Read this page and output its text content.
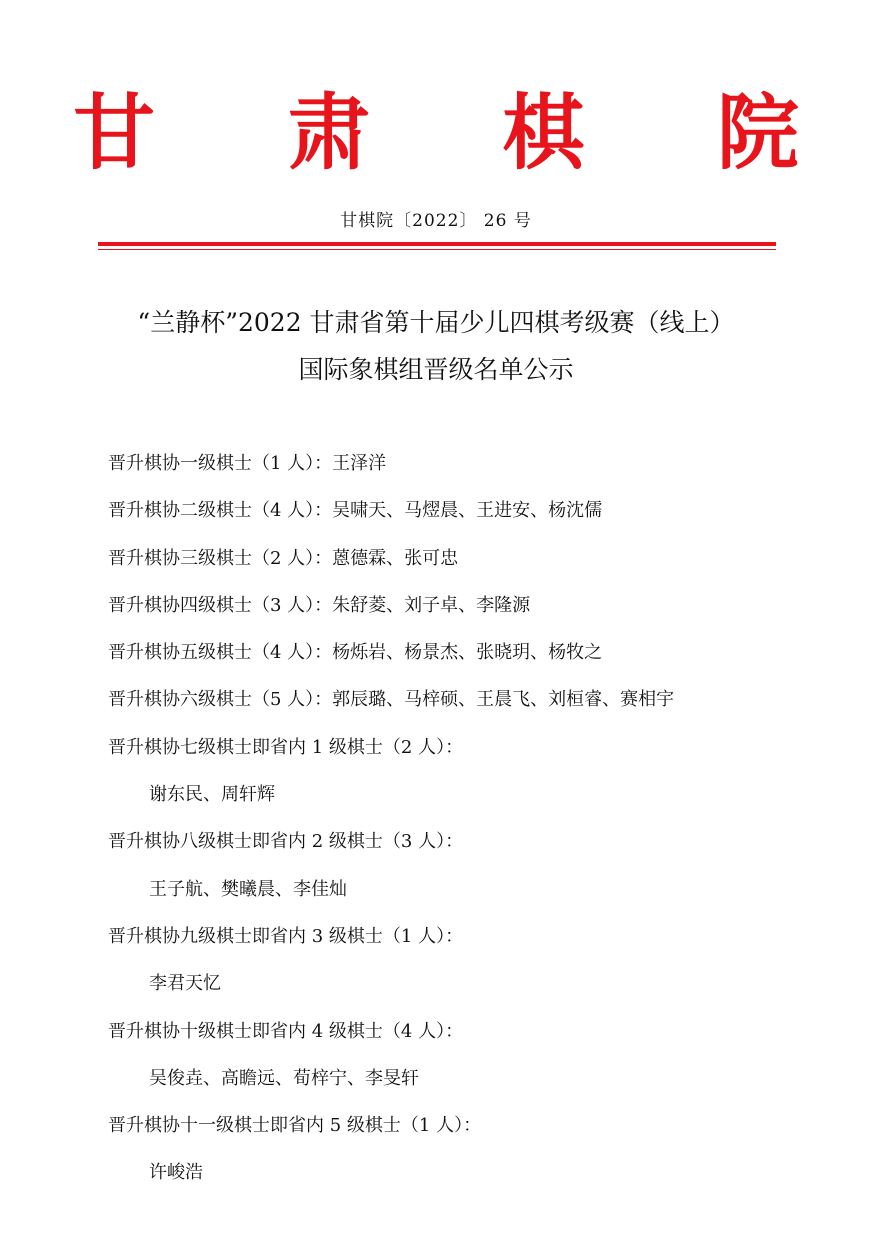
甘 肃 棋 院
甘棋院〔2022〕 26 号
“兰静杯”2022 甘肃省第十届少儿四棋考级赛（线上）
国际象棋组晋级名单公示
晋升棋协一级棋士（1 人）：王泽洋
晋升棋协二级棋士（4 人）：吴啸天、马熤晨、王进安、杨沈儒
晋升棋协三级棋士（2 人）：蒽德霖、张可忠
晋升棋协四级棋士（3 人）：朱舒菱、刘子卓、李隆源
晋升棋协五级棋士（4 人）：杨烁岩、杨景杰、张晓玥、杨牧之
晋升棋协六级棋士（5 人）：郭辰璐、马梓硕、王晨飞、刘桓睿、赛相宇
晋升棋协七级棋士即省内 1 级棋士（2 人）：
谢东民、周轩辉
晋升棋协八级棋士即省内 2 级棋士（3 人）：
王子航、樊曦晨、李佳灿
晋升棋协九级棋士即省内 3 级棋士（1 人）：
李君天忆
晋升棋协十级棋士即省内 4 级棋士（4 人）：
吴俊垚、高瞻远、荀梓宁、李旻轩
晋升棋协十一级棋士即省内 5 级棋士（1 人）：
许峻浩
